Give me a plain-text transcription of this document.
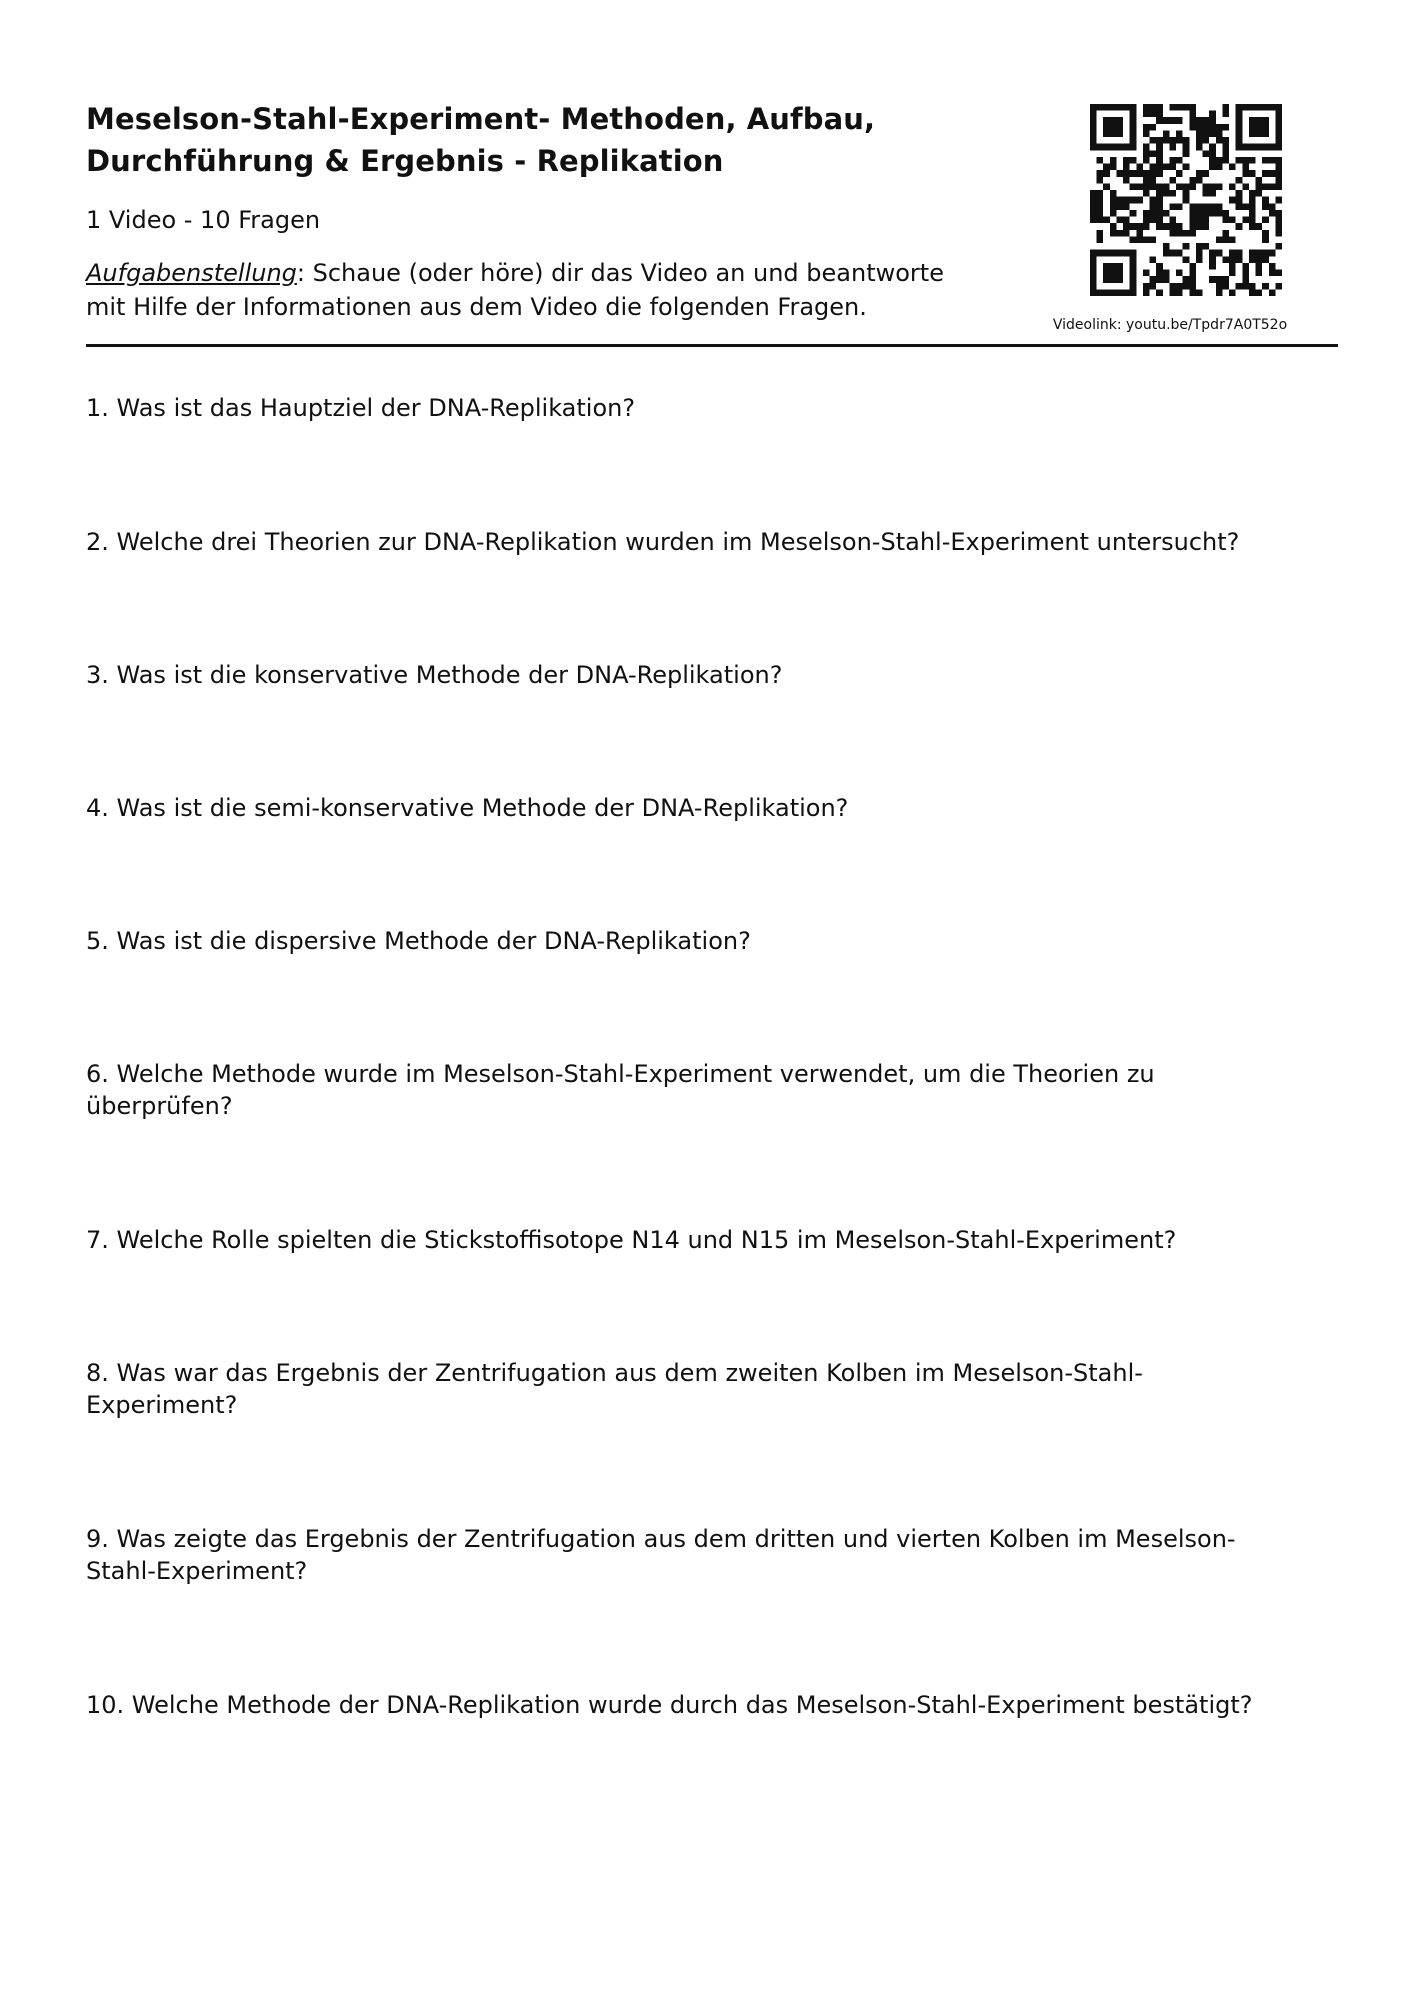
Meselson-Stahl-Experiment- Methoden, Aufbau,
Durchführung & Ergebnis - Replikation
1 Video - 10 Fragen
Aufgabenstellung: Schaue (oder höre) dir das Video an und beantworte
mit Hilfe der Informationen aus dem Video die folgenden Fragen.
Videolink: youtu.be/Tpdr7A0T52o

1. Was ist das Hauptziel der DNA-Replikation?

2. Welche drei Theorien zur DNA-Replikation wurden im Meselson-Stahl-Experiment untersucht?

3. Was ist die konservative Methode der DNA-Replikation?

4. Was ist die semi-konservative Methode der DNA-Replikation?

5. Was ist die dispersive Methode der DNA-Replikation?

6. Welche Methode wurde im Meselson-Stahl-Experiment verwendet, um die Theorien zu
überprüfen?

7. Welche Rolle spielten die Stickstoffisotope N14 und N15 im Meselson-Stahl-Experiment?

8. Was war das Ergebnis der Zentrifugation aus dem zweiten Kolben im Meselson-Stahl-
Experiment?

9. Was zeigte das Ergebnis der Zentrifugation aus dem dritten und vierten Kolben im Meselson-
Stahl-Experiment?

10. Welche Methode der DNA-Replikation wurde durch das Meselson-Stahl-Experiment bestätigt?
